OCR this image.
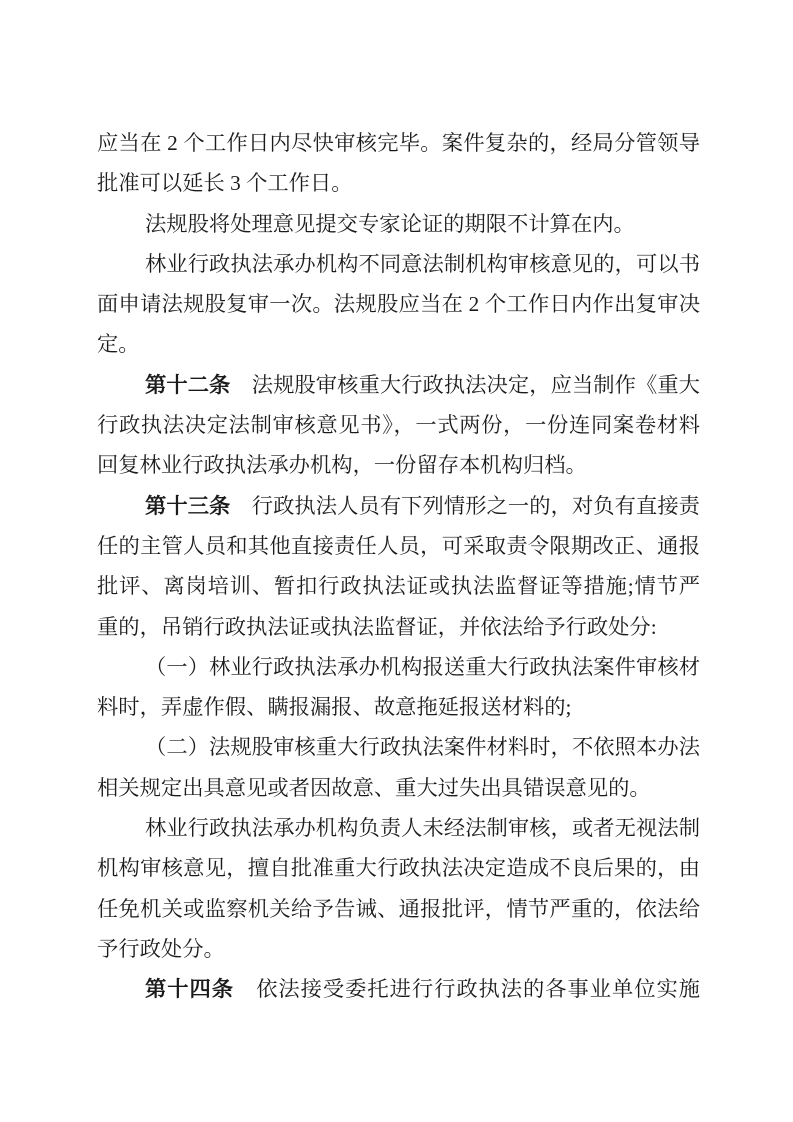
应当在 2 个工作日内尽快审核完毕。案件复杂的，经局分管领导
批准可以延长 3 个工作日。
法规股将处理意见提交专家论证的期限不计算在内。
林业行政执法承办机构不同意法制机构审核意见的，可以书
面申请法规股复审一次。法规股应当在 2 个工作日内作出复审决
定。
第十二条　法规股审核重大行政执法决定，应当制作《重大
行政执法决定法制审核意见书》，一式两份，一份连同案卷材料
回复林业行政执法承办机构，一份留存本机构归档。
第十三条　行政执法人员有下列情形之一的，对负有直接责
任的主管人员和其他直接责任人员，可采取责令限期改正、通报
批评、离岗培训、暂扣行政执法证或执法监督证等措施;情节严
重的，吊销行政执法证或执法监督证，并依法给予行政处分:
（一）林业行政执法承办机构报送重大行政执法案件审核材
料时，弄虚作假、瞒报漏报、故意拖延报送材料的;
（二）法规股审核重大行政执法案件材料时，不依照本办法
相关规定出具意见或者因故意、重大过失出具错误意见的。
林业行政执法承办机构负责人未经法制审核，或者无视法制
机构审核意见，擅自批准重大行政执法决定造成不良后果的，由
任免机关或监察机关给予告诫、通报批评，情节严重的，依法给
予行政处分。
第十四条　依法接受委托进行行政执法的各事业单位实施
